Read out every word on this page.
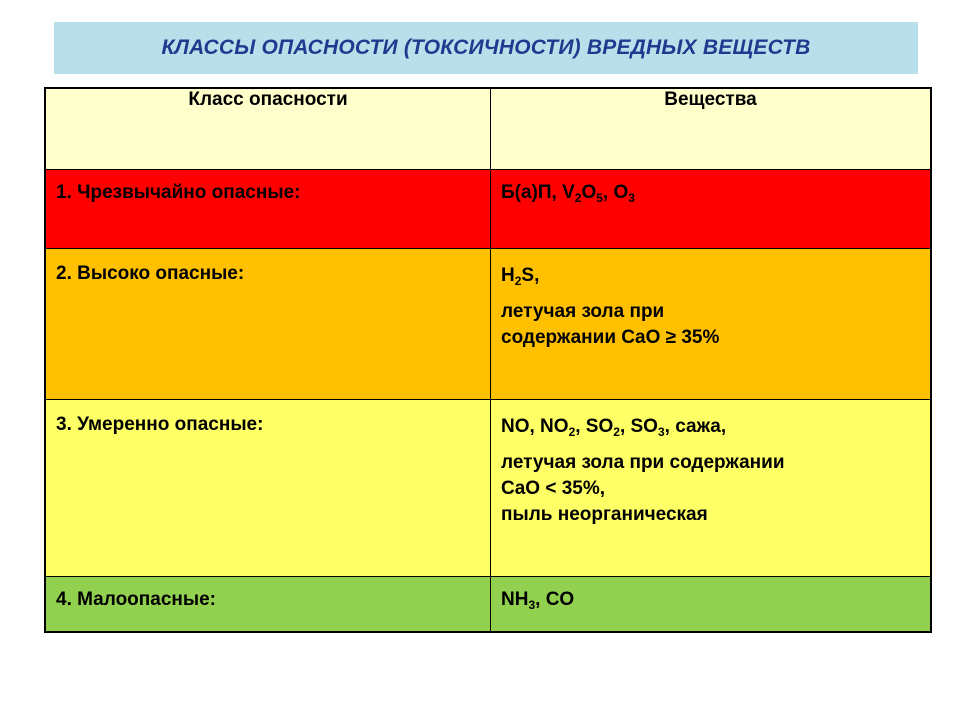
КЛАССЫ ОПАСНОСТИ (ТОКСИЧНОСТИ) ВРЕДНЫХ ВЕЩЕСТВ
Класс опасности	Вещества

1. Чрезвычайно опасные:	Б(а)П, $V_2O_5$, $O_3$

2. Высоко опасные:	$H_2S$,
летучая зола при
содержании CaO ≥ 35%

3. Умеренно опасные:	NO, $NO_2$, $SO_2$, $SO_3$, сажа,
летучая зола при содержании
CaO < 35%,
пыль неорганическая

4. Малоопасные:	$NH_3$, CO
